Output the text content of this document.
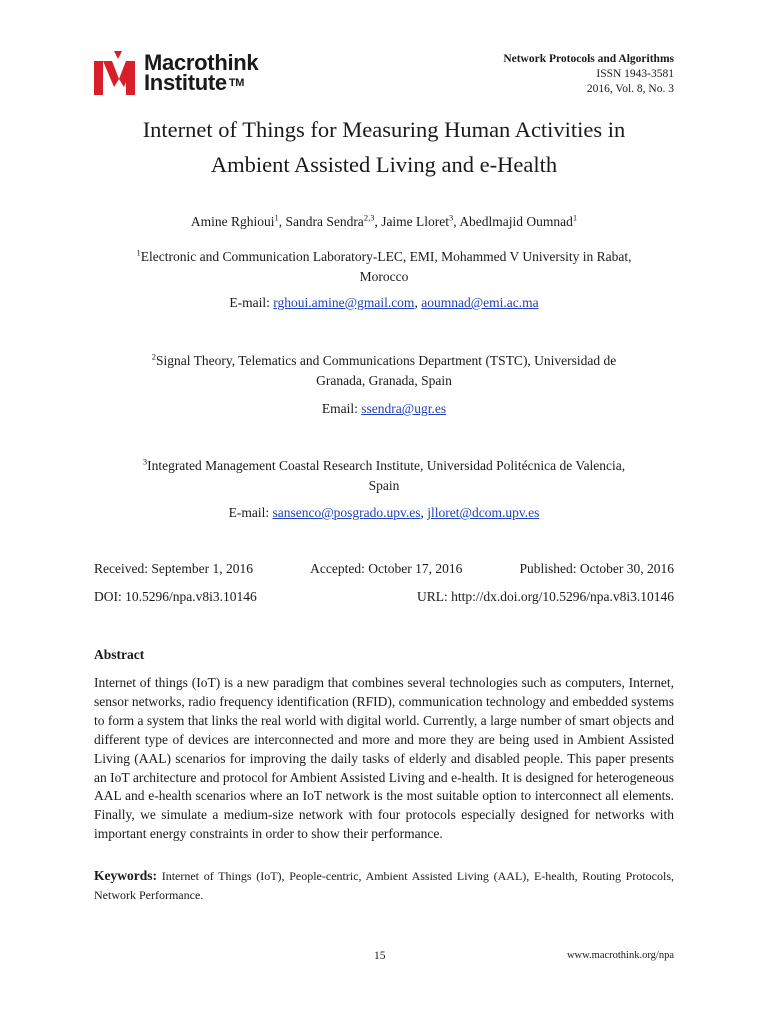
Macrothink
Institute ™
Network Protocols and Algorithms
ISSN 1943-3581
2016, Vol. 8, No. 3
Internet of Things for Measuring Human Activities in
Ambient Assisted Living and e-Health
Amine Rghioui$^1$, Sandra Sendra$^{2,3}$, Jaime Lloret$^3$, Abedlmajid Oumnad$^1$
$^1$Electronic and Communication Laboratory-LEC, EMI, Mohammed V University in Rabat,
Morocco
E-mail: rghoui.amine@gmail.com, aoumnad@emi.ac.ma
$^2$Signal Theory, Telematics and Communications Department (TSTC), Universidad de
Granada, Granada, Spain
Email: ssendra@ugr.es
$^3$Integrated Management Coastal Research Institute, Universidad Politécnica de Valencia,
Spain
E-mail: sansenco@posgrado.upv.es, jlloret@dcom.upv.es
Received: September 1, 2016	Accepted: October 17, 2016	Published: October 30, 2016
DOI: 10.5296/npa.v8i3.10146	URL: http://dx.doi.org/10.5296/npa.v8i3.10146
Abstract
Internet of things (IoT) is a new paradigm that combines several technologies such as computers, Internet, sensor networks, radio frequency identification (RFID), communication technology and embedded systems to form a system that links the real world with digital world. Currently, a large number of smart objects and different type of devices are interconnected and more and more they are being used in Ambient Assisted Living (AAL) scenarios for improving the daily tasks of elderly and disabled people. This paper presents an IoT architecture and protocol for Ambient Assisted Living and e-health. It is designed for heterogeneous AAL and e-health scenarios where an IoT network is the most suitable option to interconnect all elements. Finally, we simulate a medium-size network with four protocols especially designed for networks with important energy constraints in order to show their performance.
Keywords: Internet of Things (IoT), People-centric, Ambient Assisted Living (AAL), E-health, Routing Protocols, Network Performance.
15	www.macrothink.org/npa
